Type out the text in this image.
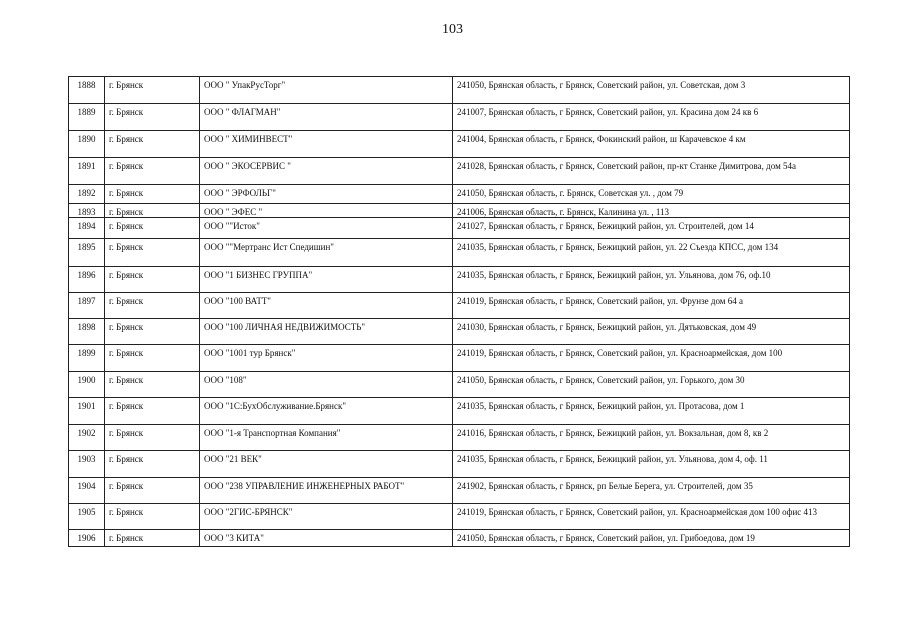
103
1888	г. Брянск	ООО " УпакРусТорг"	241050, Брянская область, г Брянск, Советский район, ул. Советская, дом 3
1889	г. Брянск	ООО " ФЛАГМАН"	241007, Брянская область, г Брянск, Советский район, ул. Красина дом 24 кв 6
1890	г. Брянск	ООО " ХИМИНВЕСТ"	241004, Брянская область, г Брянск, Фокинский район, ш Карачевское 4 км
1891	г. Брянск	ООО " ЭКОСЕРВИС "	241028, Брянская область, г Брянск, Советский район, пр-кт Станке Димитрова, дом 54а
1892	г. Брянск	ООО " ЭРФОЛЬГ"	241050, Брянская область, г. Брянск, Советская ул. , дом 79
1893	г. Брянск	ООО " ЭФЕС "	241006, Брянская область, г. Брянск, Калинина ул. , 113
1894	г. Брянск	ООО ""Исток"	241027, Брянская область, г Брянск, Бежицкий район, ул. Строителей, дом 14
1895	г. Брянск	ООО ""Мертранс Ист Спедишин"	241035, Брянская область, г Брянск, Бежицкий район, ул. 22 Съезда КПСС, дом 134
1896	г. Брянск	ООО "1 БИЗНЕС ГРУППА"	241035, Брянская область, г Брянск, Бежицкий район, ул. Ульянова, дом 76, оф.10
1897	г. Брянск	ООО "100 ВАТТ"	241019, Брянская область, г Брянск, Советский район, ул. Фрунзе дом 64 а
1898	г. Брянск	ООО "100 ЛИЧНАЯ НЕДВИЖИМОСТЬ"	241030, Брянская область, г Брянск, Бежицкий район, ул. Дятьковская, дом 49
1899	г. Брянск	ООО "1001 тур Брянск"	241019, Брянская область, г Брянск, Советский район, ул. Красноармейская, дом 100
1900	г. Брянск	ООО "108"	241050, Брянская область, г Брянск, Советский район, ул. Горького, дом 30
1901	г. Брянск	ООО "1С:БухОбслуживание.Брянск"	241035, Брянская область, г Брянск, Бежицкий район, ул. Протасова, дом 1
1902	г. Брянск	ООО "1-я Транспортная Компания"	241016, Брянская область, г Брянск, Бежицкий район, ул. Вокзальная, дом 8, кв 2
1903	г. Брянск	ООО "21 ВЕК"	241035, Брянская область, г Брянск, Бежицкий район, ул. Ульянова, дом 4, оф. 11
1904	г. Брянск	ООО "238 УПРАВЛЕНИЕ ИНЖЕНЕРНЫХ РАБОТ"	241902, Брянская область, г Брянск, рп Белые Берега, ул. Строителей, дом 35
1905	г. Брянск	ООО "2ГИС-БРЯНСК"	241019, Брянская область, г Брянск, Советский район, ул. Красноармейская дом 100 офис 413
1906	г. Брянск	ООО "3 КИТА"	241050, Брянская область, г Брянск, Советский район, ул. Грибоедова, дом 19
